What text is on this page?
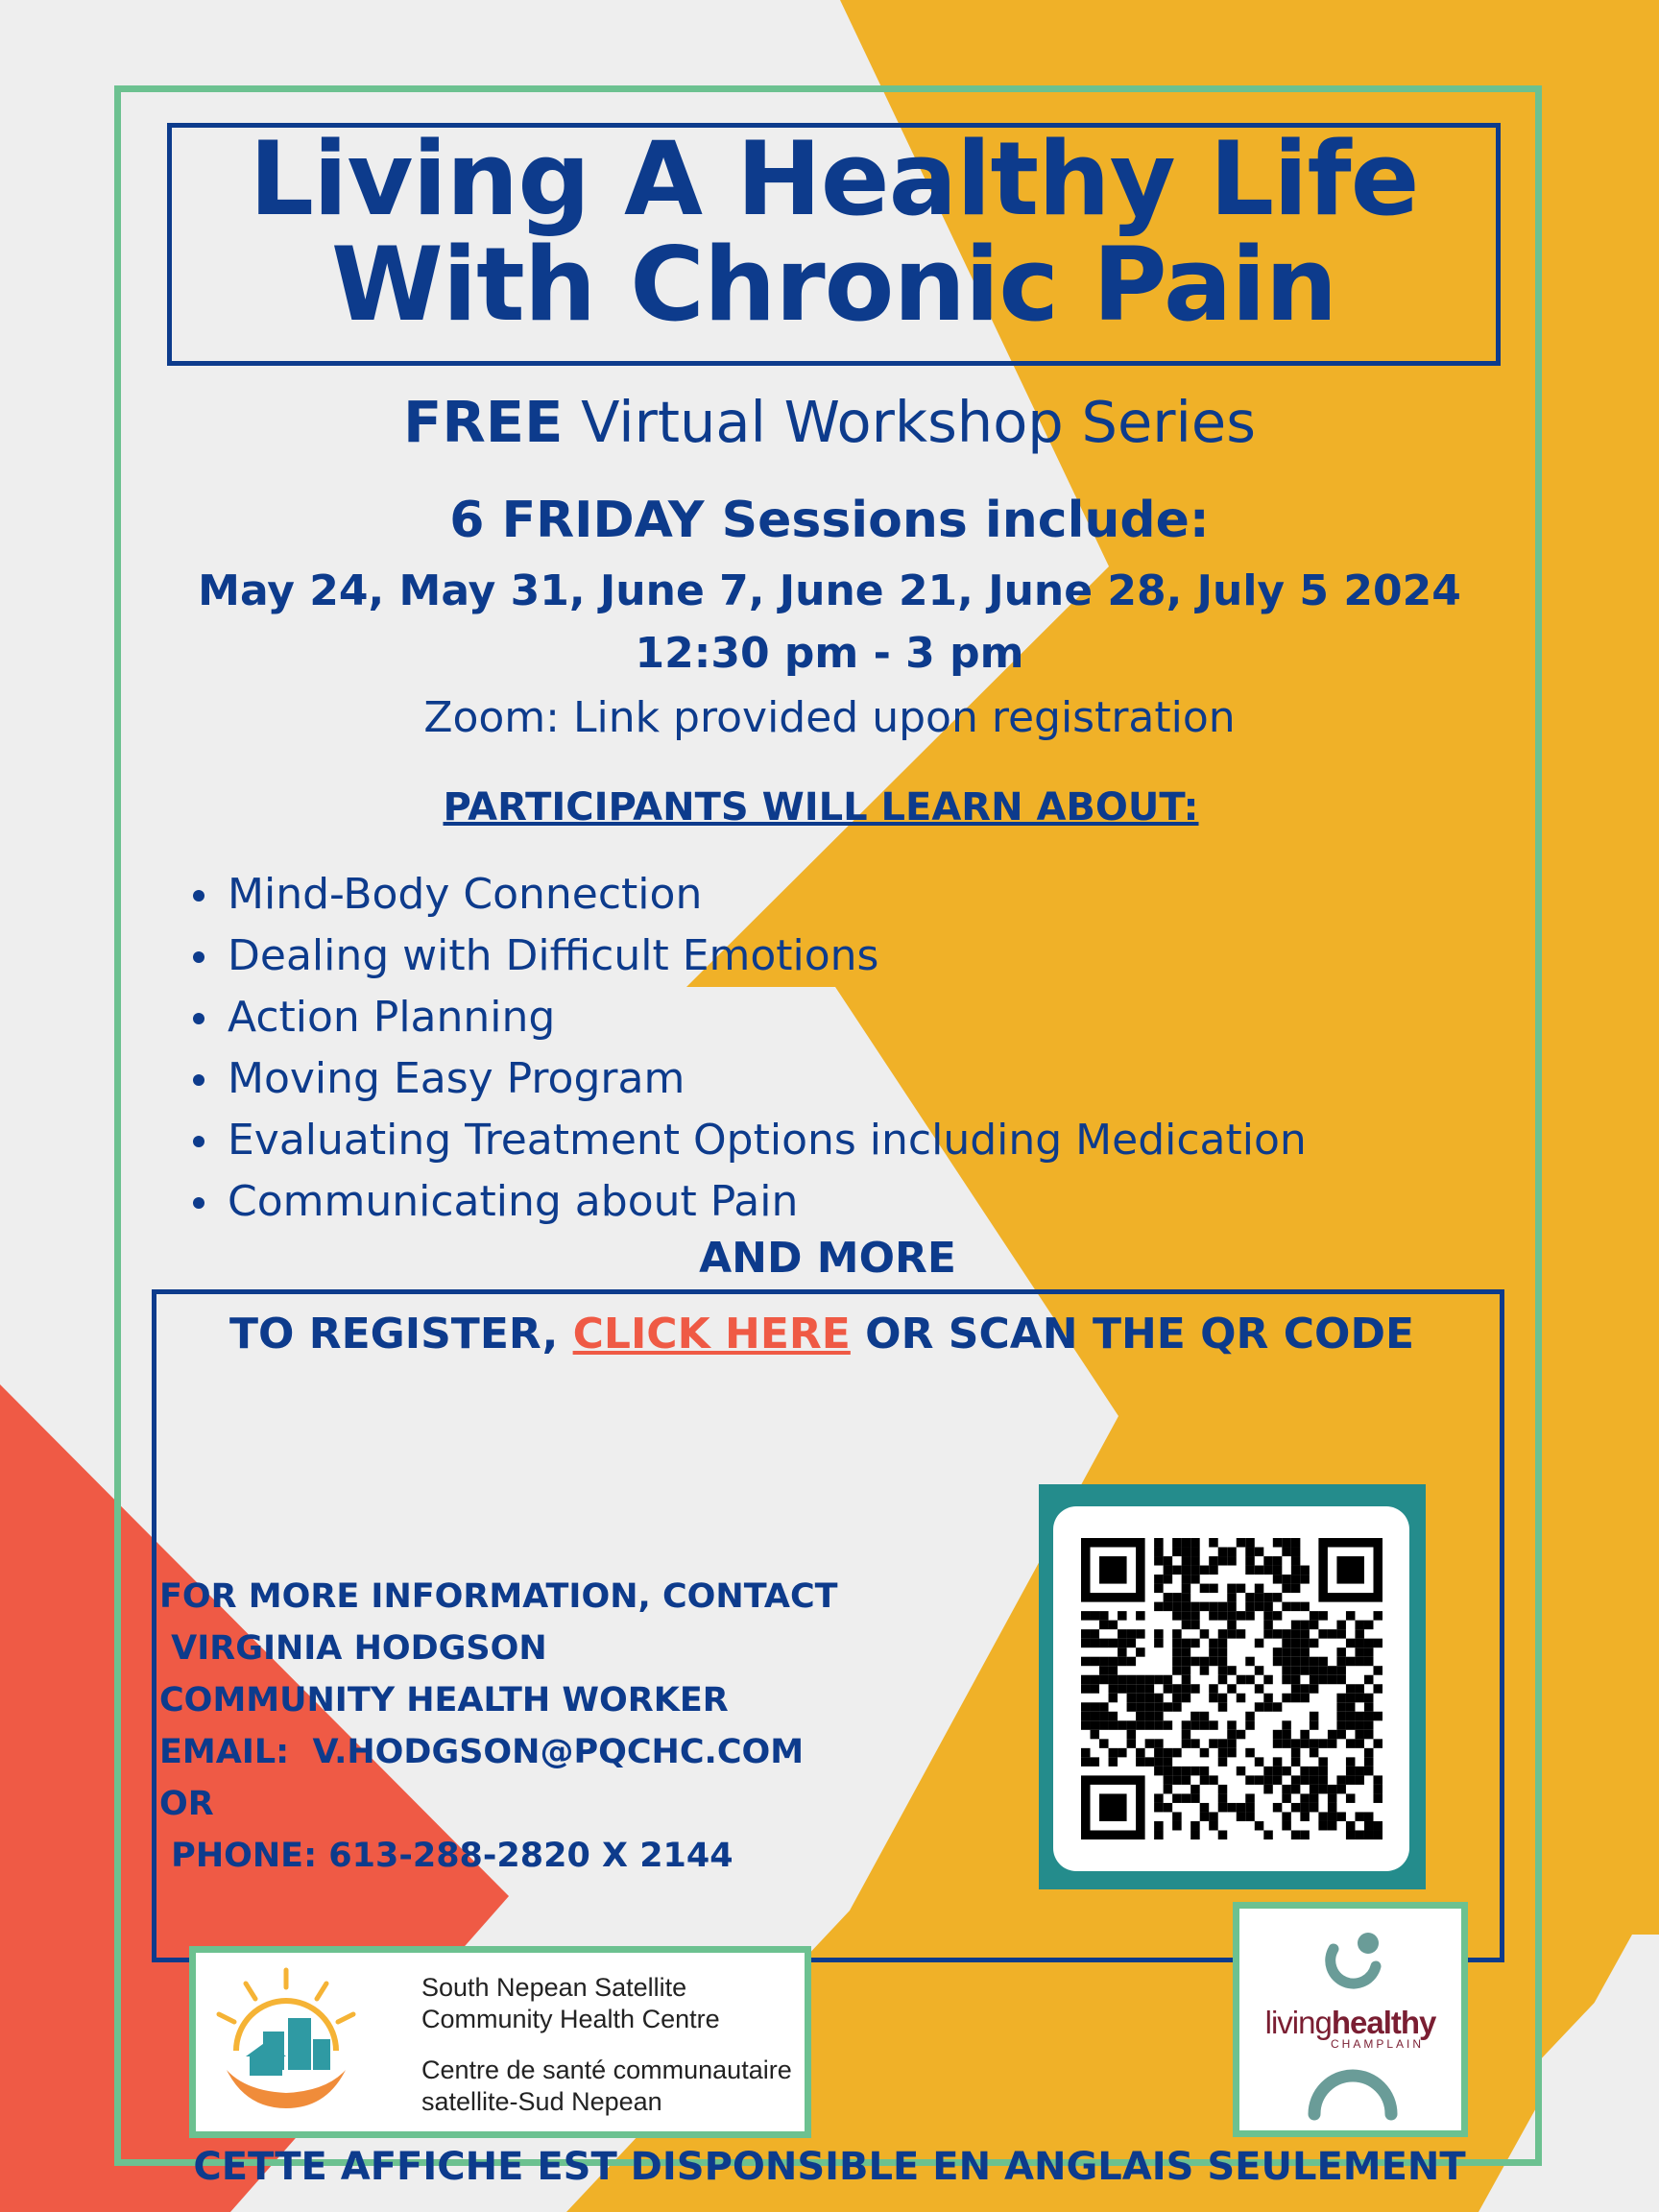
Living A Healthy Life
With Chronic Pain
FREE Virtual Workshop Series
6 FRIDAY Sessions include:
May 24, May 31, June 7, June 21, June 28, July 5 2024
12:30 pm - 3 pm
Zoom: Link provided upon registration
PARTICIPANTS WILL LEARN ABOUT:
Mind-Body Connection
Dealing with Difficult Emotions
Action Planning
Moving Easy Program
Evaluating Treatment Options including Medication
Communicating about Pain
AND MORE
TO REGISTER, CLICK HERE OR SCAN THE QR CODE
FOR MORE INFORMATION, CONTACT
VIRGINIA HODGSON
COMMUNITY HEALTH WORKER
EMAIL:  V.HODGSON@PQCHC.COM
OR
PHONE: 613-288-2820 X 2144
South Nepean Satellite
Community Health Centre
Centre de santé communautaire
satellite-Sud Nepean
livinghealthy
CHAMPLAIN
CETTE AFFICHE EST DISPONSIBLE EN ANGLAIS SEULEMENT
